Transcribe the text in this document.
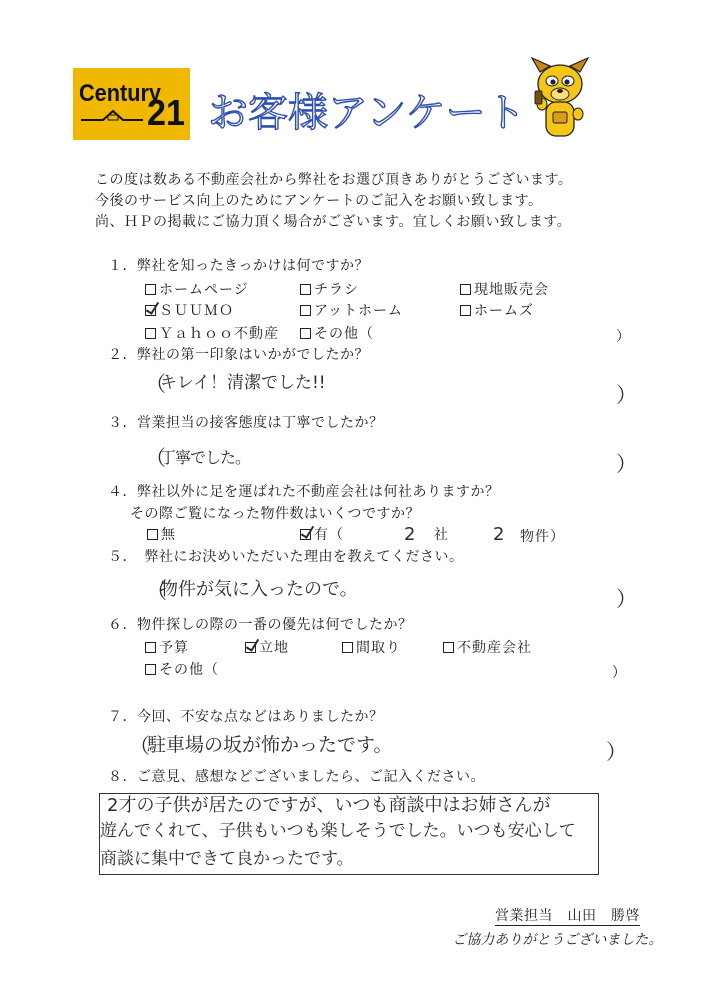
Century
21 お客様アンケート
この度は数ある不動産会社から弊社をお選び頂きありがとうございます。
今後のサービス向上のためにアンケートのご記入をお願い致します。
尚、ＨＰの掲載にご協力頂く場合がございます。宜しくお願い致します。
１．弊社を知ったきっかけは何ですか？
ホームページ	チラシ	現地販売会
ＳＵＵＭＯ	アットホーム	ホームズ
Ｙａｈｏｏ不動産	その他（	）
２．弊社の第一印象はいかがでしたか？
（
キレイ！清潔でした!!	）
３．営業担当の接客態度は丁寧でしたか？
（
丁寧でした。	）
４．弊社以外に足を運ばれた不動産会社は何社ありますか？
その際ご覧になった物件数はいくつですか？
無	有（	2 社 2 物件）
５．　弊社にお決めいただいた理由を教えてください。
（
物件が気に入ったので。	）
６．物件探しの際の一番の優先は何でしたか？
予算	立地	間取り	不動産会社
その他（	）
７．今回、不安な点などはありましたか？
（
駐車場の坂が怖かったです。	）
８．ご意見、感想などございましたら、ご記入ください。
2才の子供が居たのですが、いつも商談中はお姉さんが
遊んでくれて、子供もいつも楽しそうでした。いつも安心して
商談に集中できて良かったです。
営業担当　山田　勝啓
ご協力ありがとうございました。
